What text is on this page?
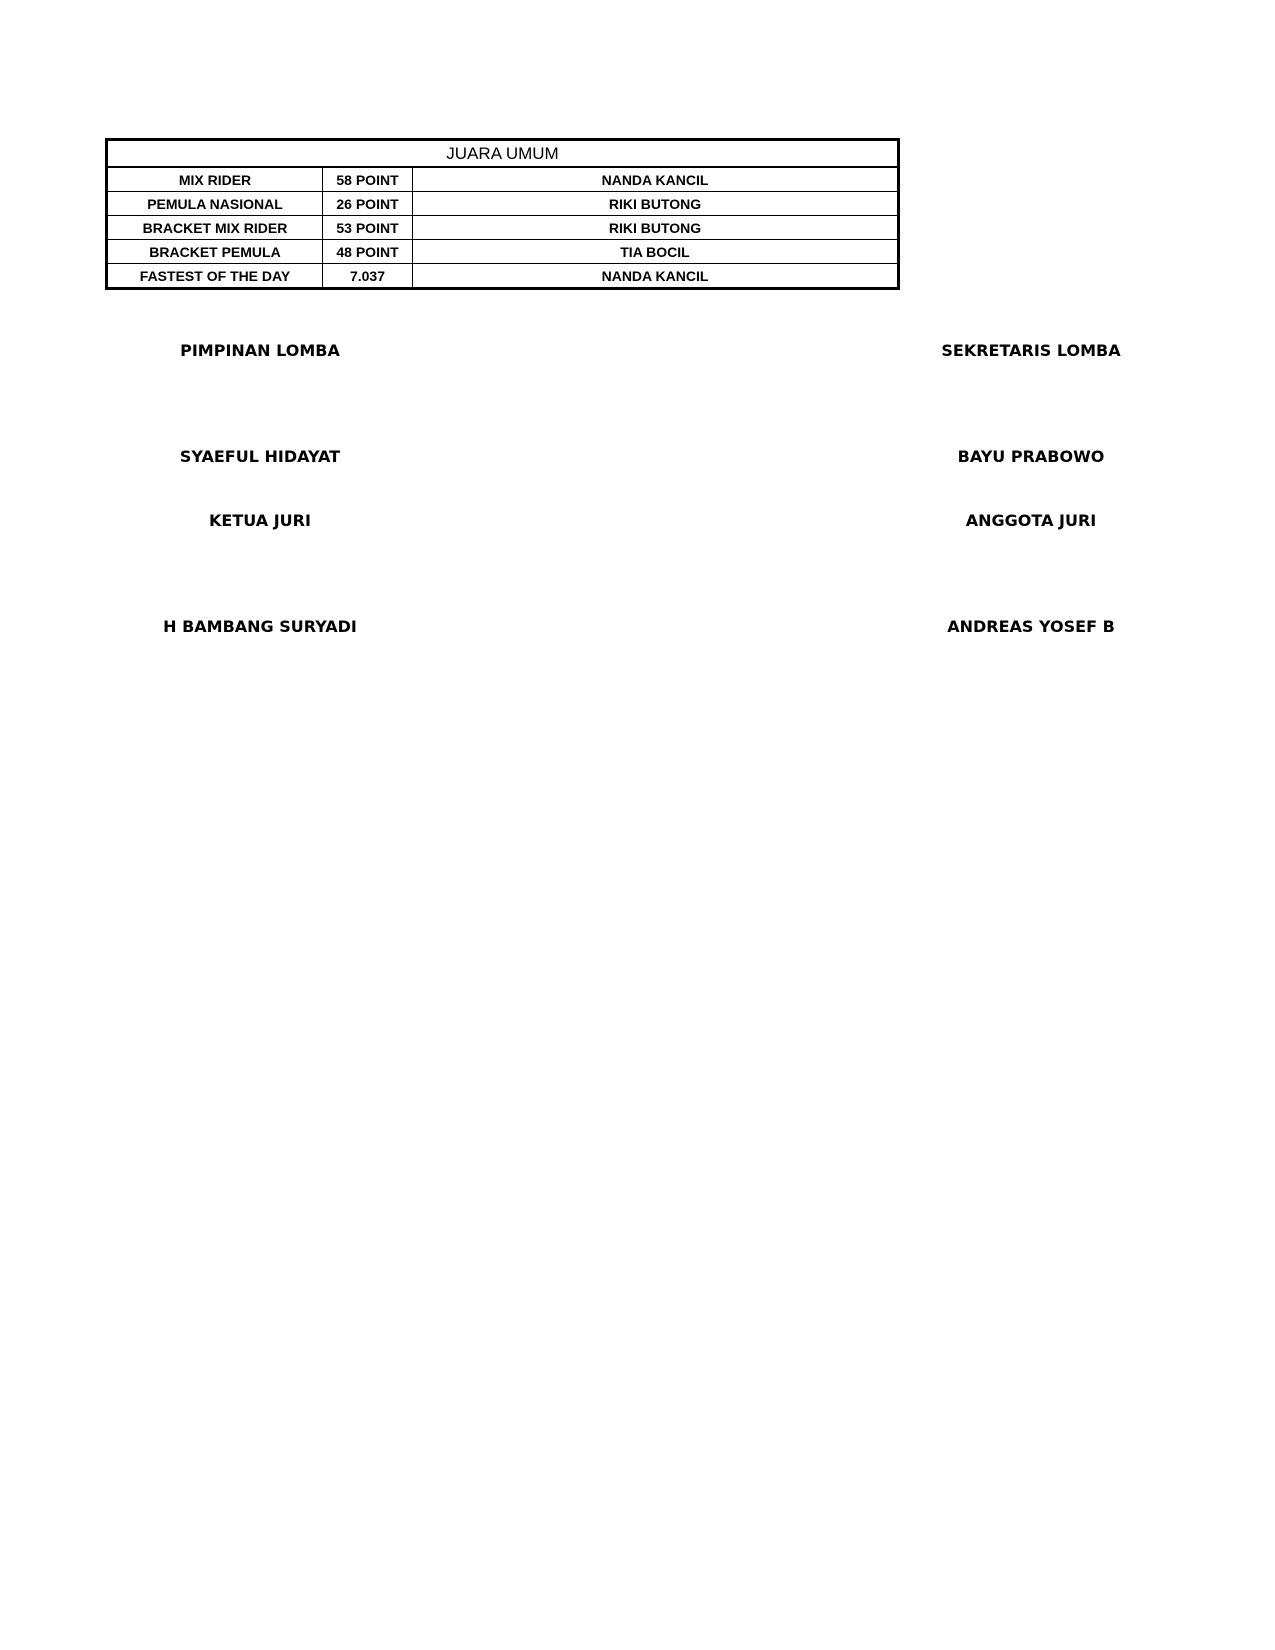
JUARA UMUM		
MIX RIDER	58 POINT	NANDA KANCIL
PEMULA NASIONAL	26 POINT	RIKI BUTONG
BRACKET MIX RIDER	53 POINT	RIKI BUTONG
BRACKET PEMULA	48 POINT	TIA BOCIL
FASTEST OF THE DAY	7.037	NANDA KANCIL
PIMPINAN LOMBA	SEKRETARIS LOMBA
SYAEFUL HIDAYAT	BAYU PRABOWO
KETUA JURI	ANGGOTA JURI
H BAMBANG SURYADI	ANDREAS YOSEF B
